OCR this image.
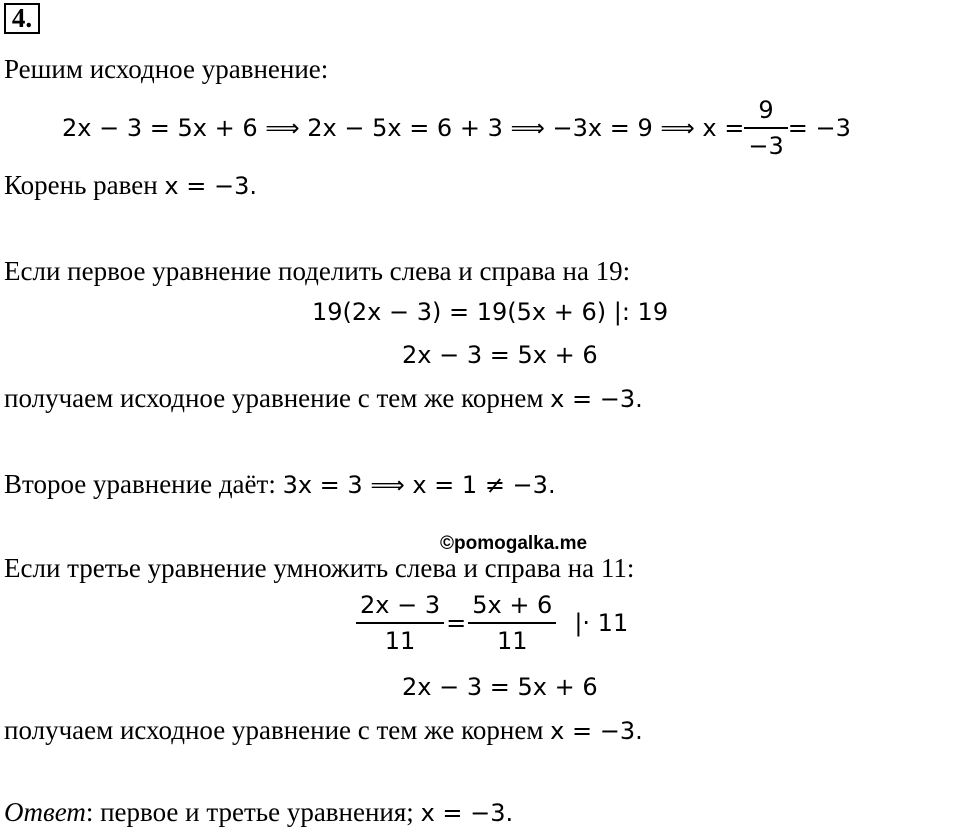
4.
Решим исходное уравнение:
2x − 3 = 5x + 6 ⟹ 2x − 5x = 6 + 3 ⟹ −3x = 9 ⟹ $x = \frac{9}{-3} = -3$
Корень равен x = −3.
Если первое уравнение поделить слева и справа на 19:
19(2x − 3) = 19(5x + 6) |: 19
2x − 3 = 5x + 6
получаем исходное уравнение с тем же корнем x = −3.
Второе уравнение даёт: 3x = 3 ⟹ x = 1 ≠ −3.
©pomogalka.me
Если третье уравнение умножить слева и справа на 11:
$\frac{2x - 3}{11} = \frac{5x + 6}{11}$ |· 11
2x − 3 = 5x + 6
получаем исходное уравнение с тем же корнем x = −3.
Ответ: первое и третье уравнения; x = −3.
